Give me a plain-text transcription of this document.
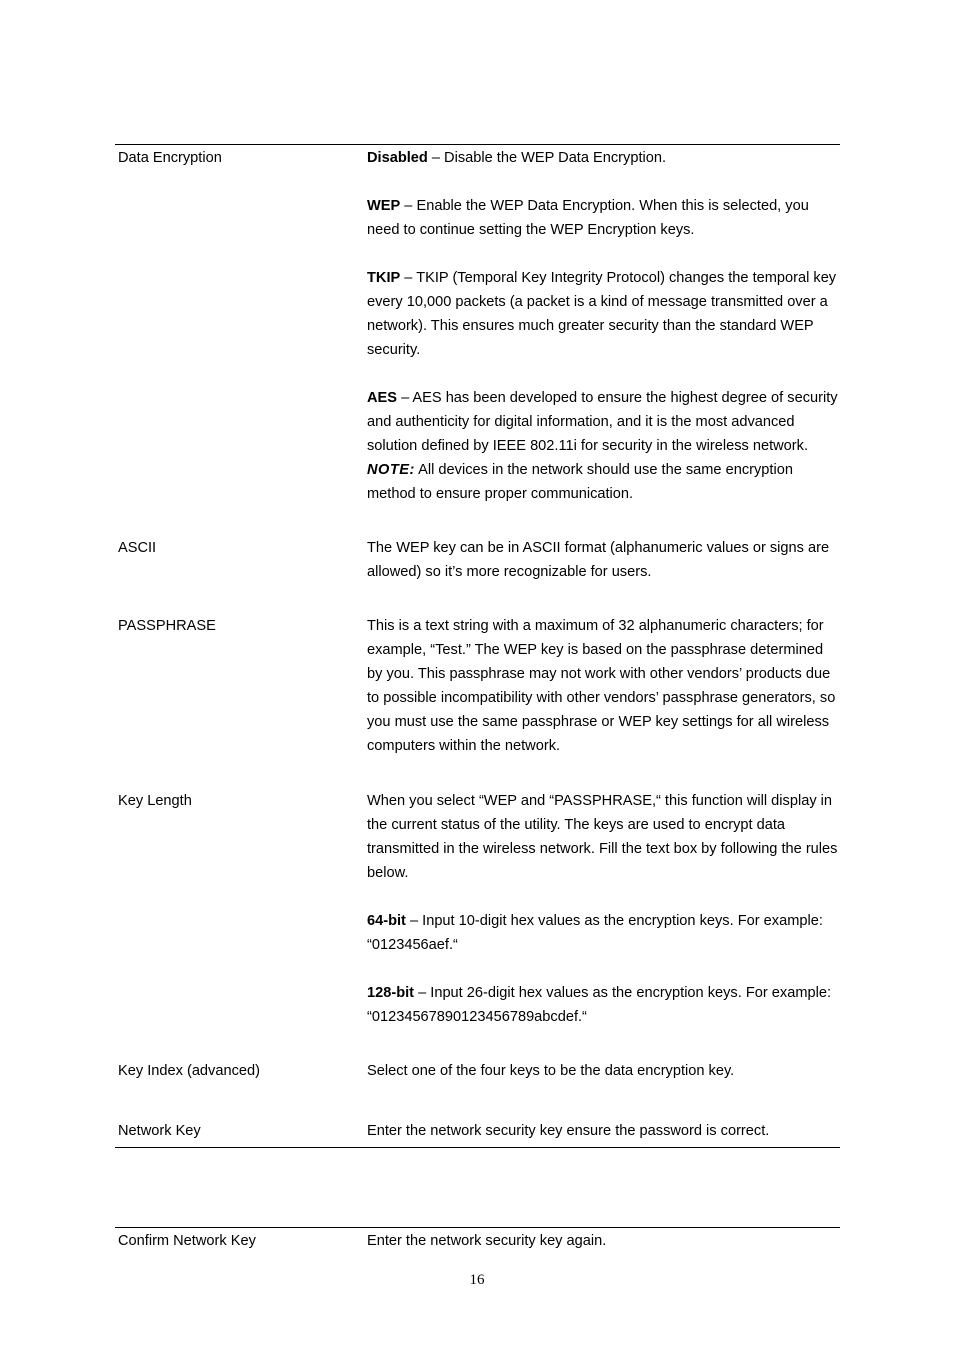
Data Encryption	Disabled – Disable the WEP Data Encryption.

WEP – Enable the WEP Data Encryption. When this is selected, you need to continue setting the WEP Encryption keys.

TKIP – TKIP (Temporal Key Integrity Protocol) changes the temporal key every 10,000 packets (a packet is a kind of message transmitted over a network). This ensures much greater security than the standard WEP security.

AES – AES has been developed to ensure the highest degree of security and authenticity for digital information, and it is the most advanced solution defined by IEEE 802.11i for security in the wireless network.

NOTE: All devices in the network should use the same encryption method to ensure proper communication.

ASCII	The WEP key can be in ASCII format (alphanumeric values or signs are allowed) so it’s more recognizable for users.
PASSPHRASE	This is a text string with a maximum of 32 alphanumeric characters; for example, “Test.” The WEP key is based on the passphrase determined by you. This passphrase may not work with other vendors’ products due to possible incompatibility with other vendors’ passphrase generators, so you must use the same passphrase or WEP key settings for all wireless computers within the network.
Key Length	When you select “WEP and “PASSPHRASE,“ this function will display in the current status of the utility. The keys are used to encrypt data transmitted in the wireless network. Fill the text box by following the rules below.

64-bit – Input 10-digit hex values as the encryption keys. For example: “0123456aef.“

128-bit – Input 26-digit hex values as the encryption keys. For example: “01234567890123456789abcdef.“

Key Index (advanced)	Select one of the four keys to be the data encryption key.
Network Key	Enter the network security key ensure the password is correct.
Confirm Network Key	Enter the network security key again.
16
